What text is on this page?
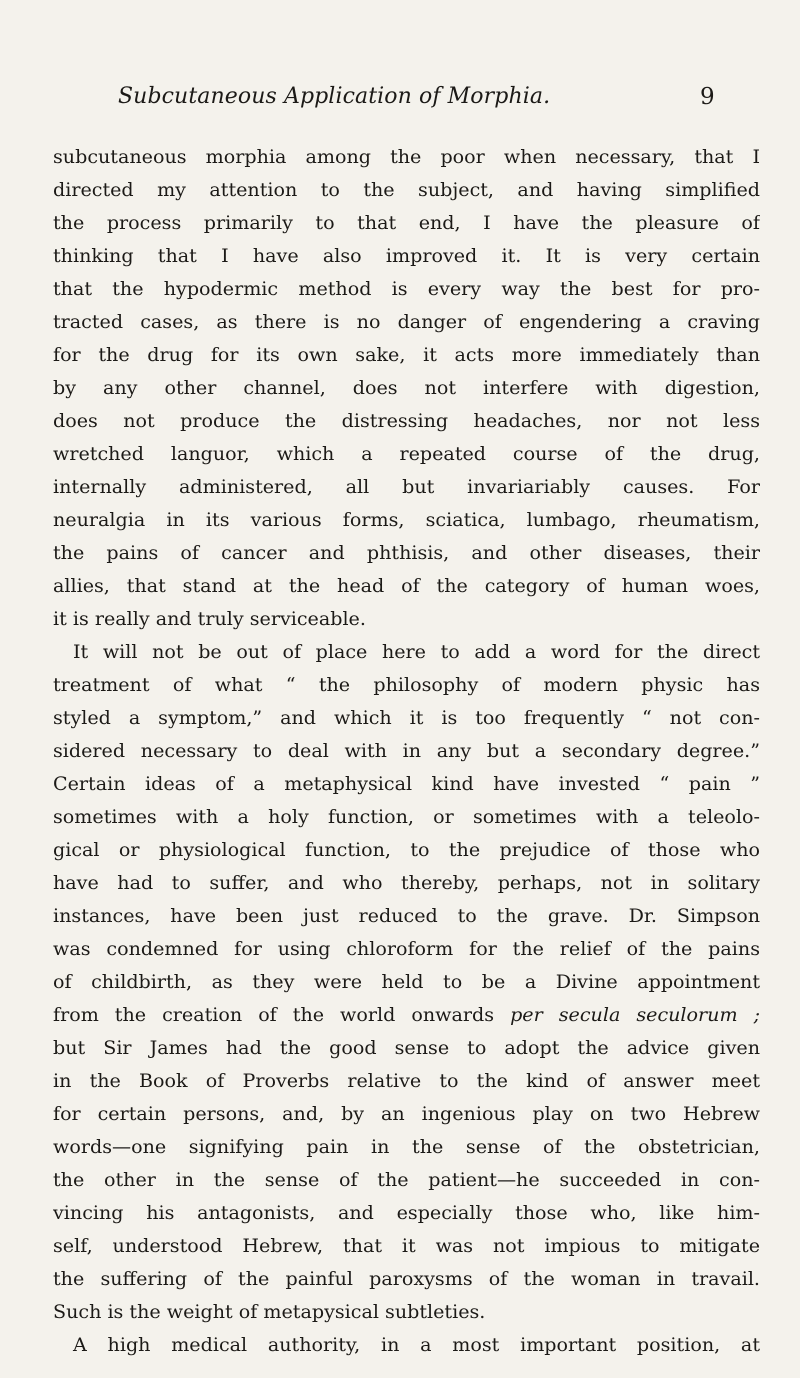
Subcutaneous Application of Morphia.	9
subcutaneous morphia among the poor when necessary, that I
directed my attention to the subject, and having simplified
the process primarily to that end, I have the pleasure of
thinking that I have also improved it. It is very certain
that the hypodermic method is every way the best for pro-
tracted cases, as there is no danger of engendering a craving
for the drug for its own sake, it acts more immediately than
by any other channel, does not interfere with digestion,
does not produce the distressing headaches, nor not less
wretched languor, which a repeated course of the drug,
internally administered, all but invariariably causes. For
neuralgia in its various forms, sciatica, lumbago, rheumatism,
the pains of cancer and phthisis, and other diseases, their
allies, that stand at the head of the category of human woes,
it is really and truly serviceable.
It will not be out of place here to add a word for the direct
treatment of what “ the philosophy of modern physic has
styled a symptom,” and which it is too frequently “ not con-
sidered necessary to deal with in any but a secondary degree.”
Certain ideas of a metaphysical kind have invested “ pain ”
sometimes with a holy function, or sometimes with a teleolo-
gical or physiological function, to the prejudice of those who
have had to suffer, and who thereby, perhaps, not in solitary
instances, have been just reduced to the grave. Dr. Simpson
was condemned for using chloroform for the relief of the pains
of childbirth, as they were held to be a Divine appointment
from the creation of the world onwards per secula seculorum ;
but Sir James had the good sense to adopt the advice given
in the Book of Proverbs relative to the kind of answer meet
for certain persons, and, by an ingenious play on two Hebrew
words—one signifying pain in the sense of the obstetrician,
the other in the sense of the patient—he succeeded in con-
vincing his antagonists, and especially those who, like him-
self, understood Hebrew, that it was not impious to mitigate
the suffering of the painful paroxysms of the woman in travail.
Such is the weight of metapysical subtleties.
A high medical authority, in a most important position, at
